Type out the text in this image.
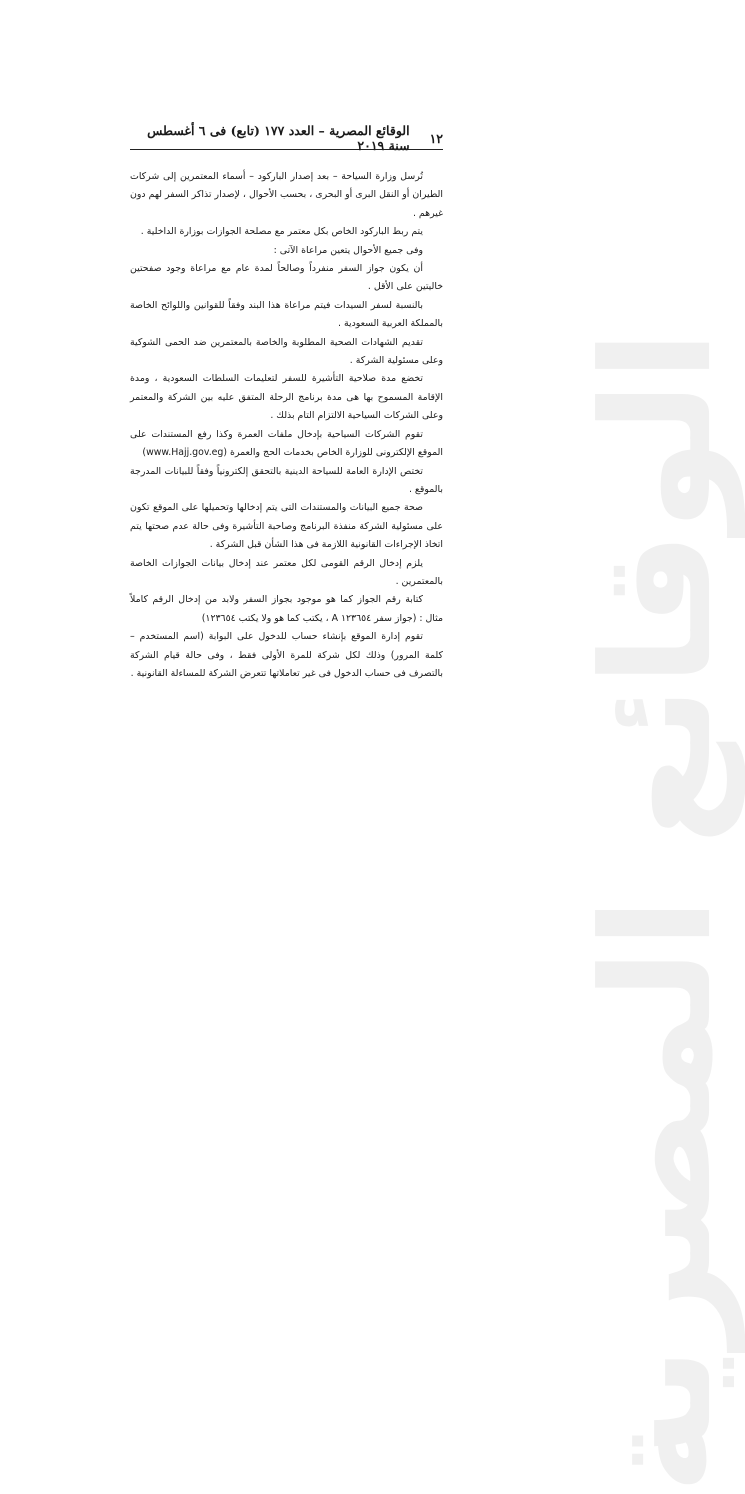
الوقائع المصرية
١٢
الوقائع المصرية – العدد ١٧٧ (تابع) فى ٦ أغسطس سنة ٢٠١٩

تُرسل وزارة السياحة – بعد إصدار الباركود – أسماء المعتمرين إلى شركات الطيران أو النقل البرى أو البحرى ، بحسب الأحوال ، لإصدار تذاكر السفر لهم دون غيرهم .

يتم ربط الباركود الخاص بكل معتمر مع مصلحة الجوازات بوزارة الداخلية .

وفى جميع الأحوال يتعين مراعاة الآتى :

أن يكون جواز السفر منفرداً وصالحاً لمدة عام مع مراعاة وجود صفحتين خاليتين على الأقل .

بالنسبة لسفر السيدات فيتم مراعاة هذا البند وفقاً للقوانين واللوائح الخاصة بالمملكة العربية السعودية .

تقديم الشهادات الصحية المطلوبة والخاصة بالمعتمرين ضد الحمى الشوكية وعلى مسئولية الشركة .

تخضع مدة صلاحية التأشيرة للسفر لتعليمات السلطات السعودية ، ومدة الإقامة المسموح بها هى مدة برنامج الرحلة المتفق عليه بين الشركة والمعتمر وعلى الشركات السياحية الالتزام التام بذلك .

تقوم الشركات السياحية بإدخال ملفات العمرة وكذا رفع المستندات على الموقع الإلكترونى للوزارة الخاص بخدمات الحج والعمرة (www.Hajj.gov.eg)

تختص الإدارة العامة للسياحة الدينية بالتحقق إلكترونياً وفقاً للبيانات المدرجة بالموقع .

صحة جميع البيانات والمستندات التى يتم إدخالها وتحميلها على الموقع تكون على مسئولية الشركة منفذة البرنامج وصاحبة التأشيرة وفى حالة عدم صحتها يتم اتخاذ الإجراءات القانونية اللازمة فى هذا الشأن قبل الشركة .

يلزم إدخال الرقم القومى لكل معتمر عند إدخال بيانات الجوازات الخاصة بالمعتمرين .

كتابة رقم الجواز كما هو موجود بجواز السفر ولابد من إدخال الرقم كاملاً مثال : (جواز سفر ١٢٣٦٥٤ A ، يكتب كما هو ولا يكتب ١٢٣٦٥٤)

تقوم إدارة الموقع بإنشاء حساب للدخول على البوابة (اسم المستخدم – كلمة المرور) وذلك لكل شركة للمرة الأولى فقط ، وفى حالة قيام الشركة بالتصرف فى حساب الدخول فى غير تعاملاتها تتعرض الشركة للمساءلة القانونية .
